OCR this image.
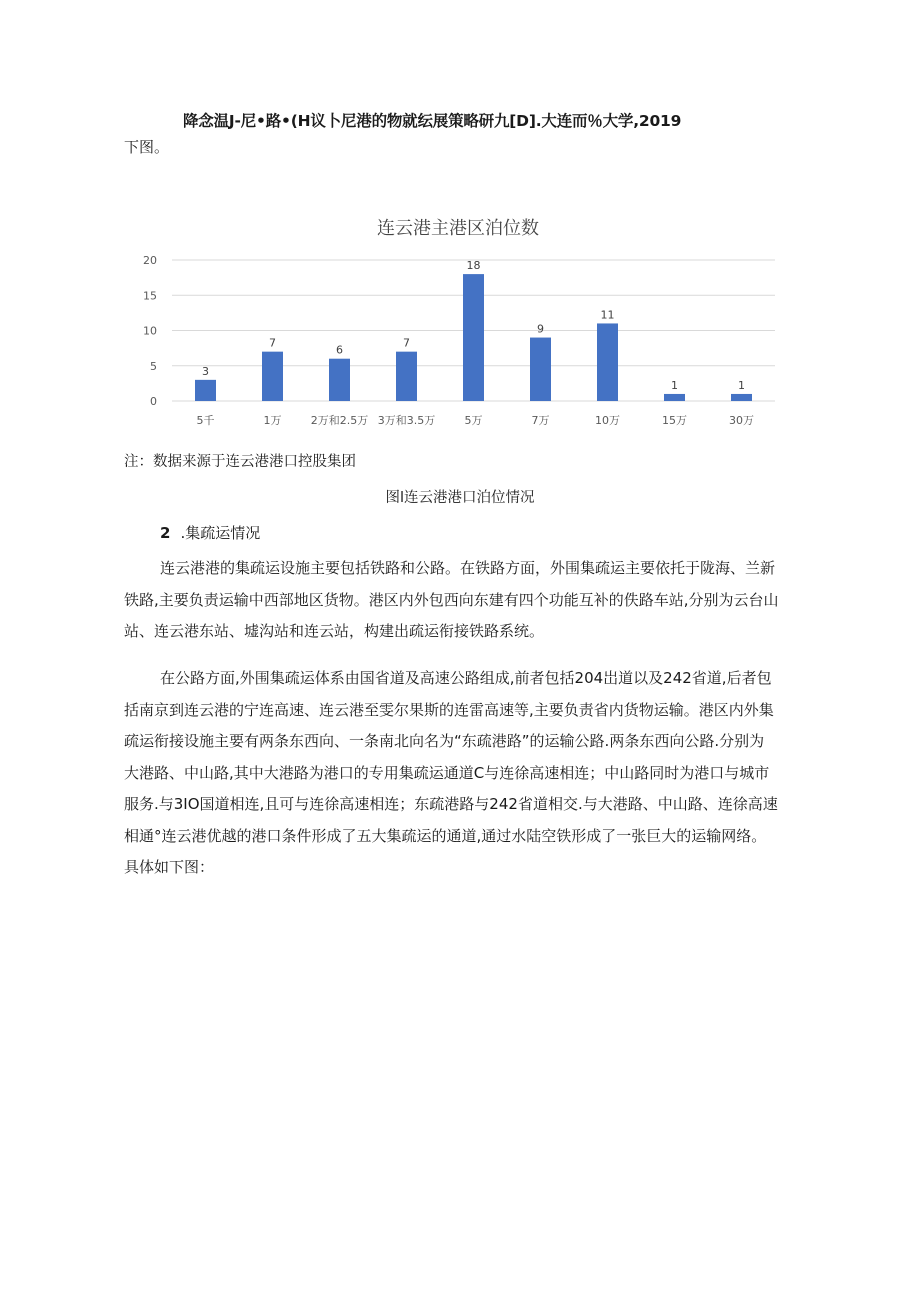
降念温J-尼•路•(H议卜尼港的物就纭展策略研九[D].大连而％大学,2019
下图。
连云港主港区泊位数
3
7
6
7
18
9
11
1	1
5千	1万	2万和2.5万 3万和3.5万	5万	7万	10万	15万	30万
0
5
10
15
20
注：数据来源于连云港港口控股集团
图l连云港港口泊位情况
2 .集疏运情况
连云港港的集疏运设施主要包括铁路和公路。在铁路方面，外围集疏运主要依托于陇海、兰新
铁路,主要负责运输中西部地区货物。港区内外包西向东建有四个功能互补的佚路车站,分别为云台山
站、连云港东站、墟沟站和连云站，构建出疏运衔接铁路系统。
在公路方面,外围集疏运体系由国省道及高速公路组成,前者包括204岀道以及242省道,后者包
括南京到连云港的宁连高速、连云港至雯尔果斯的连雷高速等,主要负责省内货物运输。港区内外集
疏运衔接设施主要有两条东西向、一条南北向名为“东疏港路”的运输公路.两条东西向公路.分别为
大港路、中山路,其中大港路为港口的专用集疏运通道C与连徐高速相连；中山路同时为港口与城市
服务.与3IO国道相连,且可与连徐高速相连；东疏港路与242省道相交.与大港路、中山路、连徐高速
相通°连云港优越的港口条件形成了五大集疏运的通道,通过水陆空铁形成了一张巨大的运输网络。
具体如下图：
